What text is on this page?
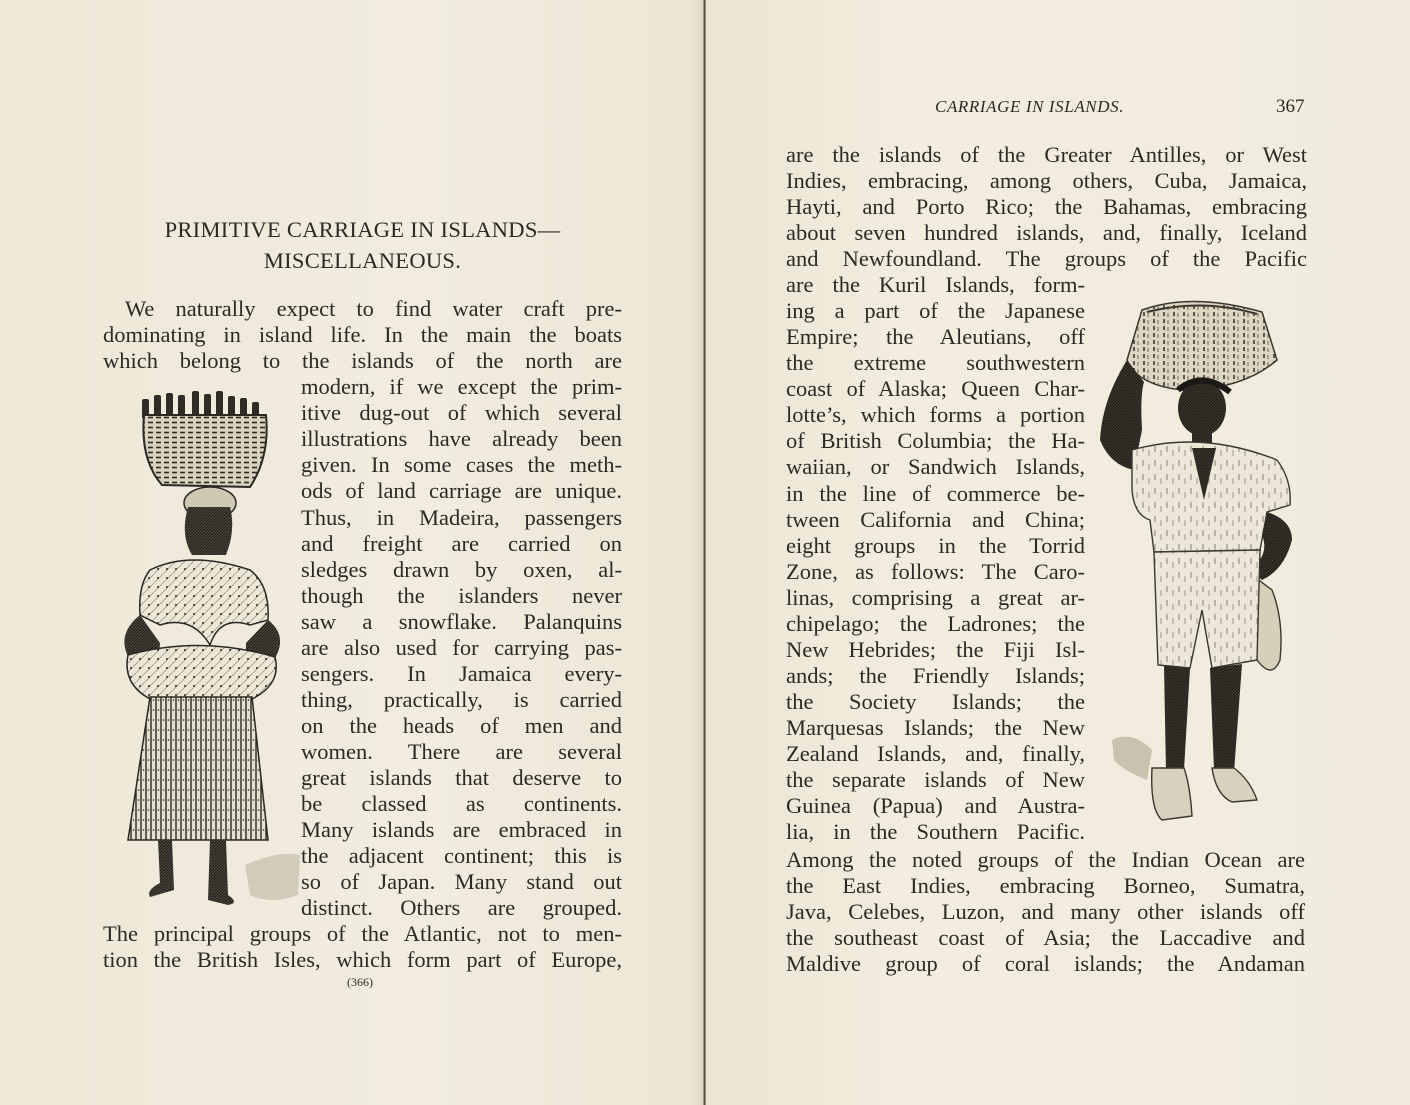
PRIMITIVE CARRIAGE IN ISLANDS—
MISCELLANEOUS.
We naturally expect to find water craft pre-
dominating in island life. In the main the boats
which belong to the islands of the north are
modern, if we except the prim-
itive dug-out of which several
illustrations have already been
given. In some cases the meth-
ods of land carriage are unique.
Thus, in Madeira, passengers
and freight are carried on
sledges drawn by oxen, al-
though the islanders never
saw a snowflake. Palanquins
are also used for carrying pas-
sengers. In Jamaica every-
thing, practically, is carried
on the heads of men and
women. There are several
great islands that deserve to
be classed as continents.
Many islands are embraced in
the adjacent continent; this is
so of Japan. Many stand out
distinct. Others are grouped.
The principal groups of the Atlantic, not to men-
tion the British Isles, which form part of Europe,
(366)
CARRIAGE IN ISLANDS.	367
are the islands of the Greater Antilles, or West
Indies, embracing, among others, Cuba, Jamaica,
Hayti, and Porto Rico; the Bahamas, embracing
about seven hundred islands, and, finally, Iceland
and Newfoundland. The groups of the Pacific
are the Kuril Islands, form-
ing a part of the Japanese
Empire; the Aleutians, off
the extreme southwestern
coast of Alaska; Queen Char-
lotte’s, which forms a portion
of British Columbia; the Ha-
waiian, or Sandwich Islands,
in the line of commerce be-
tween California and China;
eight groups in the Torrid
Zone, as follows: The Caro-
linas, comprising a great ar-
chipelago; the Ladrones; the
New Hebrides; the Fiji Isl-
ands; the Friendly Islands;
the Society Islands; the
Marquesas Islands; the New
Zealand Islands, and, finally,
the separate islands of New
Guinea (Papua) and Austra-
lia, in the Southern Pacific.
Among the noted groups of the Indian Ocean are
the East Indies, embracing Borneo, Sumatra,
Java, Celebes, Luzon, and many other islands off
the southeast coast of Asia; the Laccadive and
Maldive group of coral islands; the Andaman
